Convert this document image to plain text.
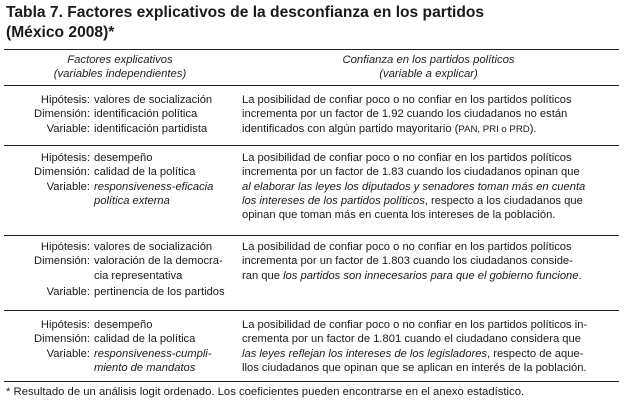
Tabla 7. Factores explicativos de la desconfianza en los partidos
(México 2008)*
Factores explicativos
(variables independientes)
Confianza en los partidos políticos
(variable a explicar)
Hipótesis: valores de socialización
Dimensión: identificación política
Variable: identificación partidista
La posibilidad de confiar poco o no confiar en los partidos políticos
incrementa por un factor de 1.92 cuando los ciudadanos no están
identificados con algún partido mayoritario (PAN, PRI o PRD).
Hipótesis: desempeño
Dimensión: calidad de la política
Variable: responsiveness-eficacia
política externa
La posibilidad de confiar poco o no confiar en los partidos políticos
incrementa por un factor de 1.83 cuando los ciudadanos opinan que
al elaborar las leyes los diputados y senadores toman más en cuenta
los intereses de los partidos políticos, respecto a los ciudadanos que
opinan que toman más en cuenta los intereses de la población.
Hipótesis: valores de socialización
Dimensión: valoración de la democra-
cia representativa
Variable: pertinencia de los partidos
La posibilidad de confiar poco o no confiar en los partidos políticos
incrementa por un factor de 1.803 cuando los ciudadanos conside-
ran que los partidos son innecesarios para que el gobierno funcione.
Hipótesis: desempeño
Dimensión: calidad de la política
Variable: responsiveness-cumpli-
miento de mandatos
La posibilidad de confiar poco o no confiar en los partidos políticos in-
crementa por un factor de 1.801 cuando el ciudadano considera que
las leyes reflejan los intereses de los legisladores, respecto de aque-
llos ciudadanos que opinan que se aplican en interés de la población.
* Resultado de un análisis logit ordenado. Los coeficientes pueden encontrarse en el anexo estadístico.
